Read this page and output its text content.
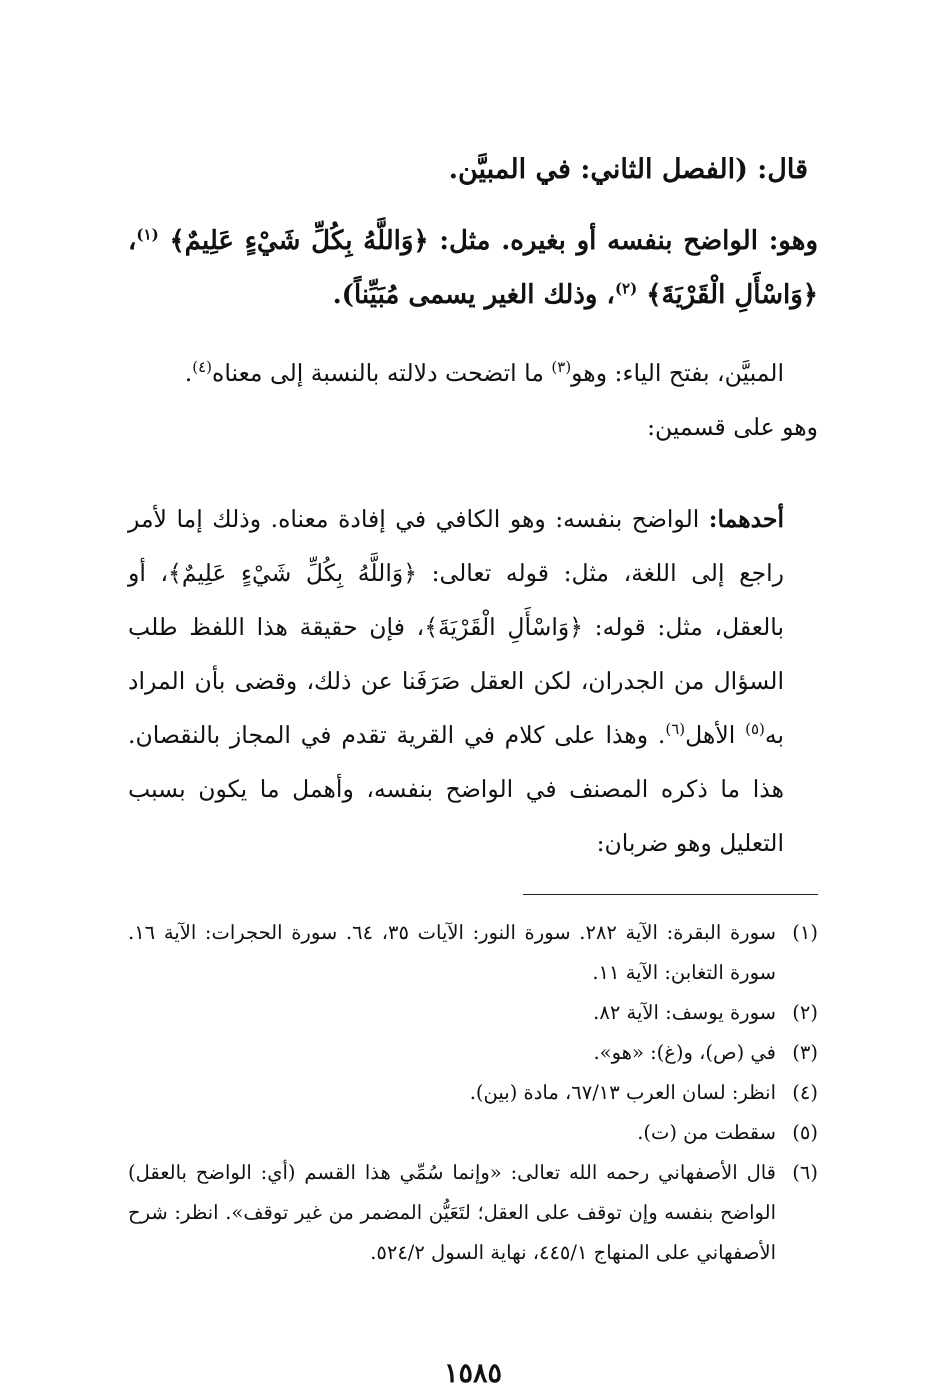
قال: (الفصل الثاني: في المبيَّن.

وهو: الواضح بنفسه أو بغيره. مثل: ﴿وَاللَّهُ بِكُلِّ شَيْءٍ عَلِيمٌ﴾ $^{(١)}$، ﴿وَاسْأَلِ الْقَرْيَةَ﴾ $^{(٢)}$، وذلك الغير يسمى مُبَيِّناً).

المبيَّن، بفتح الياء: وهو$^{(٣)}$ ما اتضحت دلالته بالنسبة إلى معناه$^{(٤)}$.

وهو على قسمين:

أحدهما: الواضح بنفسه: وهو الكافي في إفادة معناه. وذلك إما لأمر راجع إلى اللغة، مثل: قوله تعالى: ﴿وَاللَّهُ بِكُلِّ شَيْءٍ عَلِيمٌ﴾، أو بالعقل، مثل: قوله: ﴿وَاسْأَلِ الْقَرْيَةَ﴾، فإن حقيقة هذا اللفظ طلب السؤال من الجدران، لكن العقل صَرَفَنا عن ذلك، وقضى بأن المراد به$^{(٥)}$ الأهل$^{(٦)}$. وهذا على كلام في القرية تقدم في المجاز بالنقصان. هذا ما ذكره المصنف في الواضح بنفسه، وأهمل ما يكون بسبب التعليل وهو ضربان:

(١)
سورة البقرة: الآية ٢٨٢. سورة النور: الآيات ٣٥، ٦٤. سورة الحجرات: الآية ١٦. سورة التغابن: الآية ١١.
(٢)
سورة يوسف: الآية ٨٢.
(٣)
في (ص)، و(غ): «هو».
(٤)
انظر: لسان العرب ٦٧/١٣، مادة (بين).
(٥)
سقطت من (ت).
(٦)
قال الأصفهاني رحمه الله تعالى: «وإنما سُمِّي هذا القسم (أي: الواضح بالعقل) الواضح بنفسه وإن توقف على العقل؛ لتَعَيُّن المضمر من غير توقف». انظر: شرح الأصفهاني على المنهاج ٤٤٥/١، نهاية السول ٥٢٤/٢.
١٥٨٥
